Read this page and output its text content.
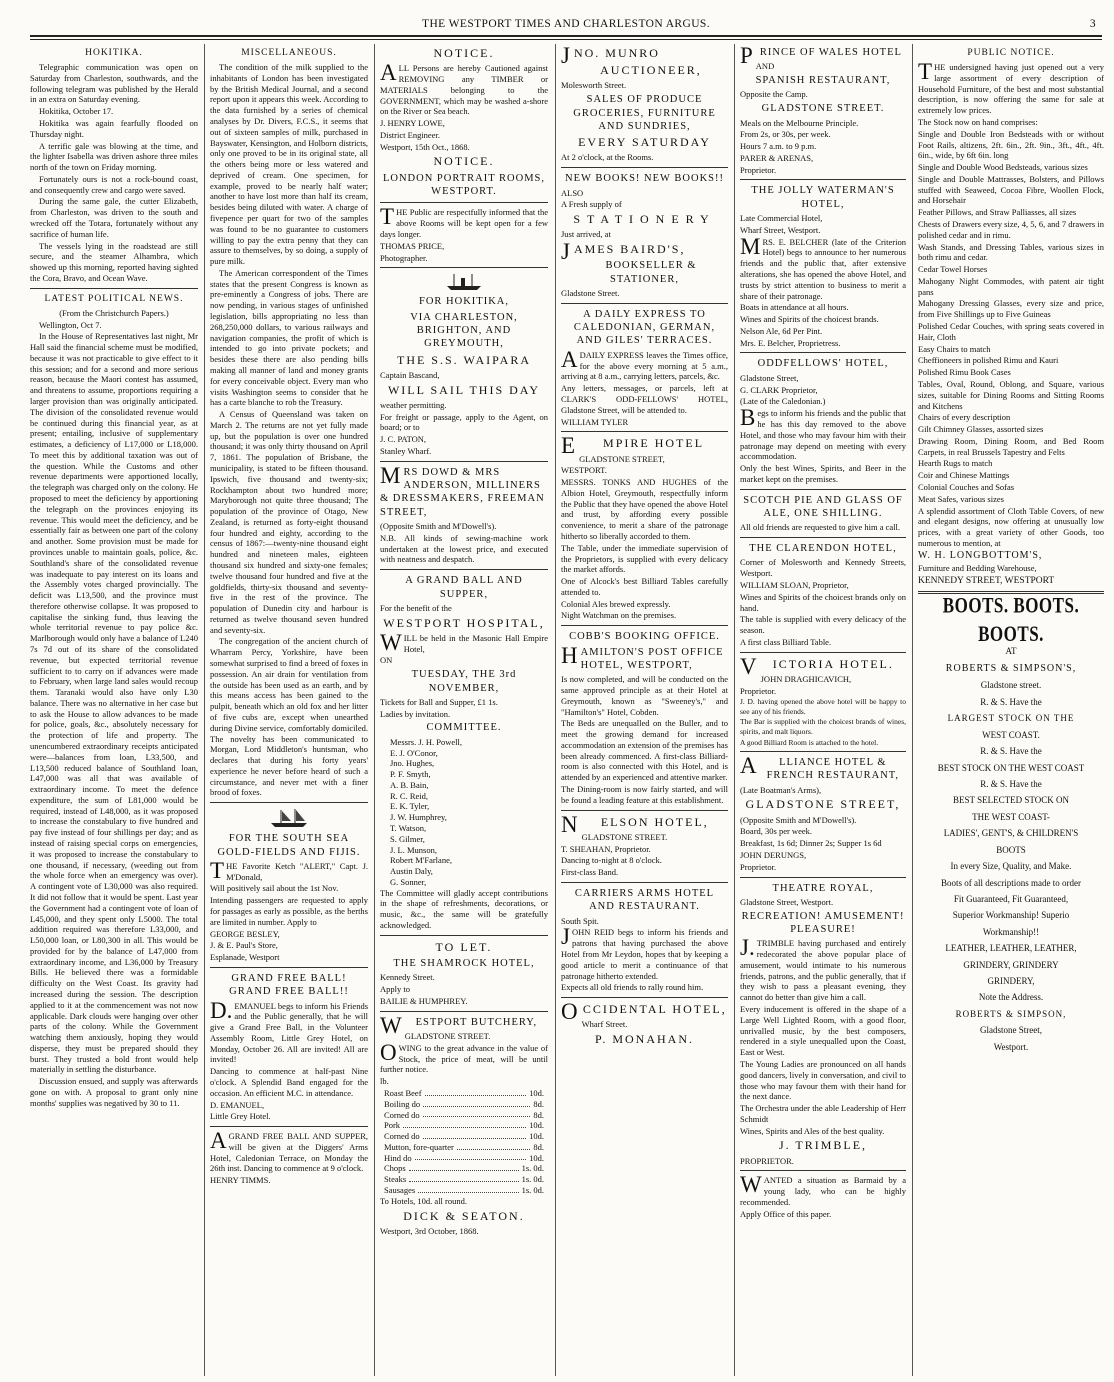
THE WESTPORT TIMES AND CHARLESTON ARGUS.	3
HOKITIKA.

Telegraphic communication was open on Saturday from Charleston, southwards, and the following telegram was published by the Herald in an extra on Saturday evening.

Hokitika, October 17.

Hokitika was again fearfully flooded on Thursday night.

A terrific gale was blowing at the time, and the lighter Isabella was driven ashore three miles north of the town on Friday morning.

Fortunately ours is not a rock-bound coast, and consequently crew and cargo were saved.

During the same gale, the cutter Elizabeth, from Charleston, was driven to the south and wrecked off the Totara, fortunately without any sacrifice of human life.

The vessels lying in the roadstead are still secure, and the steamer Alhambra, which showed up this morning, reported having sighted the Cora, Bravo, and Ocean Wave.

LATEST POLITICAL NEWS.
(From the Christchurch Papers.)

Wellington, Oct 7.

In the House of Representatives last night, Mr Hall said the financial scheme must be modified, because it was not practicable to give effect to it this session; and for a second and more serious reason, because the Maori contest has assumed, and threatens to assume, proportions requiring a larger provision than was originally anticipated. The division of the consolidated revenue would be continued during this financial year, as at present; entailing, inclusive of supplementary estimates, a deficiency of L17,000 or L18,000. To meet this by additional taxation was out of the question. While the Customs and other revenue departments were apportioned locally, the telegraph was charged only on the colony. He proposed to meet the deficiency by apportioning the telegraph on the provinces enjoying its revenue. This would meet the deficiency, and be essentially fair as between one part of the colony and another. Some provision must be made for provinces unable to maintain goals, police, &c. Southland's share of the consolidated revenue was inadequate to pay interest on its loans and the Assembly votes charged provincially. The deficit was L13,500, and the province must therefore otherwise collapse. It was proposed to capitalise the sinking fund, thus leaving the whole territorial revenue to pay police &c. Marlborough would only have a balance of L240 7s 7d out of its share of the consolidated revenue, but expected territorial revenue sufficient to to carry on if advances were made to February, when large land sales would recoup them. Taranaki would also have only L30 balance. There was no alternative in her case but to ask the House to allow advances to be made for police, goals, &c., absolutely necessary for the protection of life and property. The unencumbered extraordinary receipts anticipated were—balances from loan, L33,500, and L13,500 reduced balance of Southland loan, L47,000 was all that was available of extraordinary income. To meet the defence expenditure, the sum of L81,000 would be required, instead of L48,000, as it was proposed to increase the constabulary to five hundred and pay five instead of four shillings per day; and as instead of raising special corps on emergencies, it was proposed to increase the constabulary to one thousand, if necessary, (weeding out from the whole force when an emergency was over). A contingent vote of L30,000 was also required. It did not follow that it would be spent. Last year the Government had a contingent vote of loan of L45,000, and they spent only L5000. The total addition required was therefore L33,000, and L50,000 loan, or L80,300 in all. This would be provided for by the balance of L47,000 from extraordinary income, and L36,000 by Treasury Bills. He believed there was a formidable difficulty on the West Coast. Its gravity had increased during the session. The description applied to it at the commencement was not now applicable. Dark clouds were hanging over other parts of the colony. While the Government watching them anxiously, hoping they would disperse, they must be prepared should they burst. They trusted a bold front would help materially in settling the disturbance.

Discussion ensued, and supply was afterwards gone on with. A proposal to grant only nine months' supplies was negatived by 30 to 11.

MISCELLANEOUS.

The condition of the milk supplied to the inhabitants of London has been investigated by the British Medical Journal, and a second report upon it appears this week. According to the data furnished by a series of chemical analyses by Dr. Divers, F.C.S., it seems that out of sixteen samples of milk, purchased in Bayswater, Kensington, and Holborn districts, only one proved to be in its original state, all the others being more or less watered and deprived of cream. One specimen, for example, proved to be nearly half water; another to have lost more than half its cream, besides being diluted with water. A charge of fivepence per quart for two of the samples was found to be no guarantee to customers willing to pay the extra penny that they can assure to themselves, by so doing, a supply of pure milk.

The American correspondent of the Times states that the present Congress is known as pre-eminently a Congress of jobs. There are now pending, in various stages of unfinished legislation, bills appropriating no less than 268,250,000 dollars, to various railways and navigation companies, the profit of which is intended to go into private pockets; and besides these there are also pending bills making all manner of land and money grants for every conceivable object. Every man who visits Washington seems to consider that he has a carte blanche to rob the Treasury.

A Census of Queensland was taken on March 2. The returns are not yet fully made up, but the population is over one hundred thousand; it was only thirty thousand on April 7, 1861. The population of Brisbane, the municipality, is stated to be fifteen thousand. Ipswich, five thousand and twenty-six; Rockhampton about two hundred more; Maryborough not quite three thousand; The population of the province of Otago, New Zealand, is returned as forty-eight thousand four hundred and eighty, according to the census of 1867:—twenty-nine thousand eight hundred and nineteen males, eighteen thousand six hundred and sixty-one females; twelve thousand four hundred and five at the goldfields, thirty-six thousand and seventy-five in the rest of the province. The population of Dunedin city and harbour is returned as twelve thousand seven hundred and seventy-six.

The congregation of the ancient church of Wharram Percy, Yorkshire, have been somewhat surprised to find a breed of foxes in possession. An air drain for ventilation from the outside has been used as an earth, and by this means access has been gained to the pulpit, beneath which an old fox and her litter of five cubs are, except when unearthed during Divine service, comfortably domiciled. The novelty has been communicated to Morgan, Lord Middleton's huntsman, who declares that during his forty years' experience he never before heard of such a circumstance, and never met with a finer brood of foxes.

FOR THE SOUTH SEA GOLD-FIELDS AND FIJIS.

THE Favorite Ketch "ALERT," Capt. J. M'Donald,

Will positively sail about the 1st Nov.

Intending passengers are requested to apply for passages as early as possible, as the berths are limited in number. Apply to

GEORGE BESLEY,

J. & E. Paul's Store,

Esplanade, Westport

GRAND FREE BALL! GRAND FREE BALL!!

D.EMANUEL begs to inform his Friends and the Public generally, that he will give a Grand Free Ball, in the Volunteer Assembly Room, Little Grey Hotel, on Monday, October 26. All are invited! All are invited!

Dancing to commence at half-past Nine o'clock. A Splendid Band engaged for the occasion. An efficient M.C. in attendance.

D. EMANUEL,

Little Grey Hotel.

AGRAND FREE BALL AND SUPPER, will be given at the Diggers' Arms Hotel, Caledonian Terrace, on Monday the 26th inst. Dancing to commence at 9 o'clock.

HENRY TIMMS.

NOTICE.

ALL Persons are hereby Cautioned against REMOVING any TIMBER or MATERIALS belonging to the GOVERNMENT, which may be washed a-shore on the River or Sea beach.

J. HENRY LOWE,

District Engineer.

Westport, 15th Oct., 1868.

NOTICE.
LONDON PORTRAIT ROOMS, WESTPORT.

THE Public are respectfully informed that the above Rooms will be kept open for a few days longer.

THOMAS PRICE,

Photographer.

FOR HOKITIKA,
VIA CHARLESTON, BRIGHTON, AND GREYMOUTH,
THE S.S. WAIPARA

Captain Bascand,

WILL SAIL THIS DAY

weather permitting.

For freight or passage, apply to the Agent, on board; or to

J. C. PATON,

Stanley Wharf.

MRS DOWD & MRS ANDERSON, MILLINERS & DRESSMAKERS, FREEMAN STREET,

(Opposite Smith and M'Dowell's).

N.B. All kinds of sewing-machine work undertaken at the lowest price, and executed with neatness and despatch.

A GRAND BALL AND SUPPER,

For the benefit of the

WESTPORT HOSPITAL,

WILL be held in the Masonic Hall Empire Hotel,

ON

TUESDAY, THE 3rd NOVEMBER,

Tickets for Ball and Supper, £1 1s.

Ladies by invitation.

COMMITTEE.
Messrs. J. H. Powell,
E. J. O'Conor,
Jno. Hughes,
P. F. Smyth,
A. B. Bain,
R. C. Reid,
E. K. Tyler,
J. W. Humphrey,
T. Watson,
S. Gilmer,
J. L. Munson,
Robert M'Farlane,
Austin Daly,
G. Sonner,

The Committee will gladly accept contributions in the shape of refreshments, decorations, or music, &c., the same will be gratefully acknowledged.

TO LET.
THE SHAMROCK HOTEL,

Kennedy Street.

Apply to

BAILIE & HUMPHREY.

WESTPORT BUTCHERY,

GLADSTONE STREET.

OWING to the great advance in the value of Stock, the price of meat, will be until further notice.

lb.

Roast Beef	10d.
Boiling do	8d.
Corned do	8d.
Pork	10d.
Corned do	10d.
Mutton, fore-quarter	8d.
Hind do	10d.
Chops	1s. 0d.
Steaks	1s. 0d.
Sausages	1s. 0d.

To Hotels, 10d. all round.

DICK & SEATON.

Westport, 3rd October, 1868.

JNO. MUNRO
AUCTIONEER,

Molesworth Street.

SALES OF PRODUCE GROCERIES, FURNITURE AND SUNDRIES,
EVERY SATURDAY

At 2 o'clock, at the Rooms.

NEW BOOKS! NEW BOOKS!!

ALSO

A Fresh supply of

STATIONERY

Just arrived, at

JAMES BAIRD'S,
BOOKSELLER & STATIONER,

Gladstone Street.

A DAILY EXPRESS TO CALEDONIAN, GERMAN, AND GILES' TERRACES.

ADAILY EXPRESS leaves the Times office, for the above every morning at 5 a.m., arriving at 8 a.m., carrying letters, parcels, &c.

Any letters, messages, or parcels, left at CLARK'S ODD-FELLOWS' HOTEL, Gladstone Street, will be attended to.

WILLIAM TYLER

EMPIRE HOTEL

GLADSTONE STREET,

WESTPORT.

MESSRS. TONKS AND HUGHES of the Albion Hotel, Greymouth, respectfully inform the Public that they have opened the above Hotel and trust, by affording every possible convenience, to merit a share of the patronage hitherto so liberally accorded to them.

The Table, under the immediate supervision of the Proprietors, is supplied with every delicacy the market affords.

One of Alcock's best Billiard Tables carefully attended to.

Colonial Ales brewed expressly.

Night Watchman on the premises.

COBB'S BOOKING OFFICE.
HAMILTON'S POST OFFICE HOTEL, WESTPORT,

Is now completed, and will be conducted on the same approved principle as at their Hotel at Greymouth, known as "Sweeney's," and "Hamilton's" Hotel, Cobden.

The Beds are unequalled on the Buller, and to meet the growing demand for increased accommodation an extension of the premises has been already commenced. A first-class Billiard-room is also connected with this Hotel, and is attended by an experienced and attentive marker.

The Dining-room is now fairly started, and will be found a leading feature at this establishment.

NELSON HOTEL,

GLADSTONE STREET.

T. SHEAHAN, Proprietor.

Dancing to-night at 8 o'clock.

First-class Band.

CARRIERS ARMS HOTEL AND RESTAURANT.

South Spit.

JOHN REID begs to inform his friends and patrons that having purchased the above Hotel from Mr Leydon, hopes that by keeping a good article to merit a continuance of that patronage hitherto extended.

Expects all old friends to rally round him.

OCCIDENTAL HOTEL,

Wharf Street.

P. MONAHAN.
PRINCE OF WALES HOTEL

AND

SPANISH RESTAURANT,

Opposite the Camp.

GLADSTONE STREET.

Meals on the Melbourne Principle.

From 2s, or 30s, per week.

Hours 7 a.m. to 9 p.m.

PARER & ARENAS,

Proprietor.

THE JOLLY WATERMAN'S HOTEL,

Late Commercial Hotel,

Wharf Street, Westport.

MRS. E. BELCHER (late of the Criterion Hotel) begs to announce to her numerous friends and the public that, after extensive alterations, she has opened the above Hotel, and trusts by strict attention to business to merit a share of their patronage.

Boats in attendance at all hours.

Wines and Spirits of the choicest brands.

Nelson Ale, 6d Per Pint.

Mrs. E. Belcher, Proprietress.

ODDFELLOWS' HOTEL,

Gladstone Street,

G. CLARK Proprietor,

(Late of the Caledonian.)

Begs to inform his friends and the public that he has this day removed to the above Hotel, and those who may favour him with their patronage may depend on meeting with every accommodation.

Only the best Wines, Spirits, and Beer in the market kept on the premises.

SCOTCH PIE AND GLASS OF ALE, ONE SHILLING.

All old friends are requested to give him a call.

THE CLARENDON HOTEL,

Corner of Molesworth and Kennedy Streets, Westport.

WILLIAM SLOAN, Proprietor,

Wines and Spirits of the choicest brands only on hand.

The table is supplied with every delicacy of the season.

A first class Billiard Table.

VICTORIA HOTEL.

JOHN DRAGHICAVICH,

Proprietor.

J. D. having opened the above hotel will be happy to see any of his friends.

The Bar is supplied with the choicest brands of wines, spirits, and malt liquors.

A good Billiard Room is attached to the hotel.

ALLIANCE HOTEL & FRENCH RESTAURANT,

(Late Boatman's Arms),

GLADSTONE STREET,

(Opposite Smith and M'Dowell's).

Board, 30s per week.

Breakfast, 1s 6d; Dinner 2s; Supper 1s 6d

JOHN DERUNGS,

Proprietor.

THEATRE ROYAL,

Gladstone Street, Westport.

RECREATION! AMUSEMENT! PLEASURE!

J.TRIMBLE having purchased and entirely redecorated the above popular place of amusement, would intimate to his numerous friends, patrons, and the public generally, that if they wish to pass a pleasant evening, they cannot do better than give him a call.

Every inducement is offered in the shape of a Large Well Lighted Room, with a good floor, unrivalled music, by the best composers, rendered in a style unequalled upon the Coast, East or West.

The Young Ladies are pronounced on all hands good dancers, lively in conversation, and civil to those who may favour them with their hand for the next dance.

The Orchestra under the able Leadership of Herr Schmidt

Wines, Spirits and Ales of the best quality.

J. TRIMBLE,

PROPRIETOR.

WANTED a situation as Barmaid by a young lady, who can be highly recommended.

Apply Office of this paper.

PUBLIC NOTICE.

THE undersigned having just opened out a very large assortment of every description of Household Furniture, of the best and most substantial description, is now offering the same for sale at extremely low prices.

The Stock now on hand comprises:

Single and Double Iron Bedsteads with or without Foot Rails, altizens, 2ft. 6in., 2ft. 9in., 3ft., 4ft., 4ft. 6in., wide, by 6ft 6in. long

Single and Double Wood Bedsteads, various sizes

Single and Double Mattrasses, Bolsters, and Pillows stuffed with Seaweed, Cocoa Fibre, Woollen Flock, and Horsehair

Feather Pillows, and Straw Palliasses, all sizes

Chests of Drawers every size, 4, 5, 6, and 7 drawers in polished cedar and in rimu.

Wash Stands, and Dressing Tables, various sizes in both rimu and cedar.

Cedar Towel Horses

Mahogany Night Commodes, with patent air tight pans

Mahogany Dressing Glasses, every size and price, from Five Shillings up to Five Guineas

Polished Cedar Couches, with spring seats covered in Hair, Cloth

Easy Chairs to match

Cheffioneers in polished Rimu and Kauri

Polished Rimu Book Cases

Tables, Oval, Round, Oblong, and Square, various sizes, suitable for Dining Rooms and Sitting Rooms and Kitchens

Chairs of every description

Gilt Chimney Glasses, assorted sizes

Drawing Room, Dining Room, and Bed Room Carpets, in real Brussels Tapestry and Felts

Hearth Rugs to match

Coir and Chinese Mattings

Colonial Couches and Sofas

Meat Safes, various sizes

A splendid assortment of Cloth Table Covers, of new and elegant designs, now offering at unusually low prices, with a great variety of other Goods, too numerous to mention, at

W. H. LONGBOTTOM'S,

Furniture and Bedding Warehouse,

KENNEDY STREET, WESTPORT

BOOTS. BOOTS. BOOTS.
AT
ROBERTS & SIMPSON'S,
Gladstone street.
R. & S. Have the
LARGEST STOCK ON THE
WEST COAST.
R. & S. Have the
BEST STOCK ON THE WEST COAST
R. & S. Have the
BEST SELECTED STOCK ON
THE WEST COAST-
LADIES', GENT'S, & CHILDREN'S
BOOTS
In every Size, Quality, and Make.
Boots of all descriptions made to order
Fit Guaranteed, Fit Guaranteed,
Superior Workmanship! Superio
Workmanship!!
LEATHER, LEATHER, LEATHER,
GRINDERY, GRINDERY
GRINDERY,
Note the Address.
ROBERTS & SIMPSON,
Gladstone Street,
Westport.
